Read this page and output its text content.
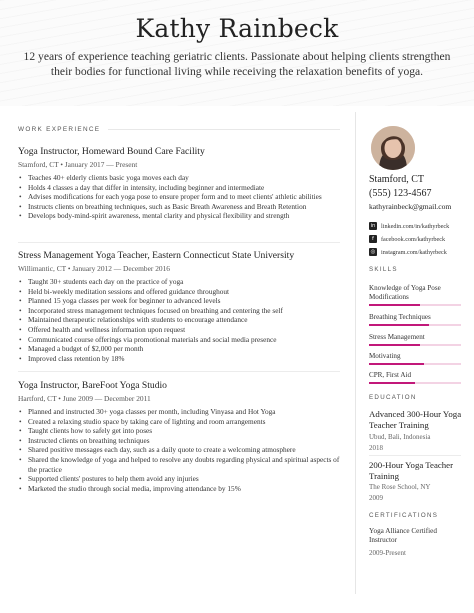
Kathy Rainbeck
12 years of experience teaching geriatric clients. Passionate about helping clients strengthen their bodies for functional living while receiving the relaxation benefits of yoga.
WORK EXPERIENCE
Yoga Instructor, Homeward Bound Care Facility
Stamford, CT • January 2017 — Present
• Teaches 40+ elderly clients basic yoga moves each day
• Holds 4 classes a day that differ in intensity, including beginner and intermediate
• Advises modifications for each yoga pose to ensure proper form and to meet clients' athletic abilities
• Instructs clients on breathing techniques, such as Basic Breath Awareness and Breath Retention
• Develops body-mind-spirit awareness, mental clarity and physical flexibility and strength
Stress Management Yoga Teacher, Eastern Connecticut State University
Willimantic, CT • January 2012 — December 2016
• Taught 30+ students each day on the practice of yoga
• Held bi-weekly meditation sessions and offered guidance throughout
• Planned 15 yoga classes per week for beginner to advanced levels
• Incorporated stress management techniques focused on breathing and centering the self
• Maintained therapeutic relationships with students to encourage attendance
• Offered health and wellness information upon request
• Communicated course offerings via promotional materials and social media presence
• Managed a budget of $2,000 per month
• Improved class retention by 18%
Yoga Instructor, BareFoot Yoga Studio
Hartford, CT • June 2009 — December 2011
• Planned and instructed 30+ yoga classes per month, including Vinyasa and Hot Yoga
• Created a relaxing studio space by taking care of lighting and room arrangements
• Taught clients how to safely get into poses
• Instructed clients on breathing techniques
• Shared positive messages each day, such as a daily quote to create a welcoming atmosphere
• Shared the knowledge of yoga and helped to resolve any doubts regarding physical and spiritual aspects of the practice
• Supported clients' postures to help them avoid any injuries
• Marketed the studio through social media, improving attendance by 15%
Stamford, CT
(555) 123-4567
kathyrainbeck@gmail.com
in linkedin.com/in/kathyrbeck
f	facebook.com/kathyrbeck
◎ instagram.com/kathyrbeck
SKILLS
Knowledge of Yoga Pose Modifications
Breathing Techniques
Stress Management
Motivating
CPR, First Aid
EDUCATION
Advanced 300-Hour Yoga Teacher Training
Ubud, Bali, Indonesia
2018
200-Hour Yoga Teacher Training
The Rose School, NY
2009
CERTIFICATIONS
Yoga Alliance Certified Instructor
2009-Present
